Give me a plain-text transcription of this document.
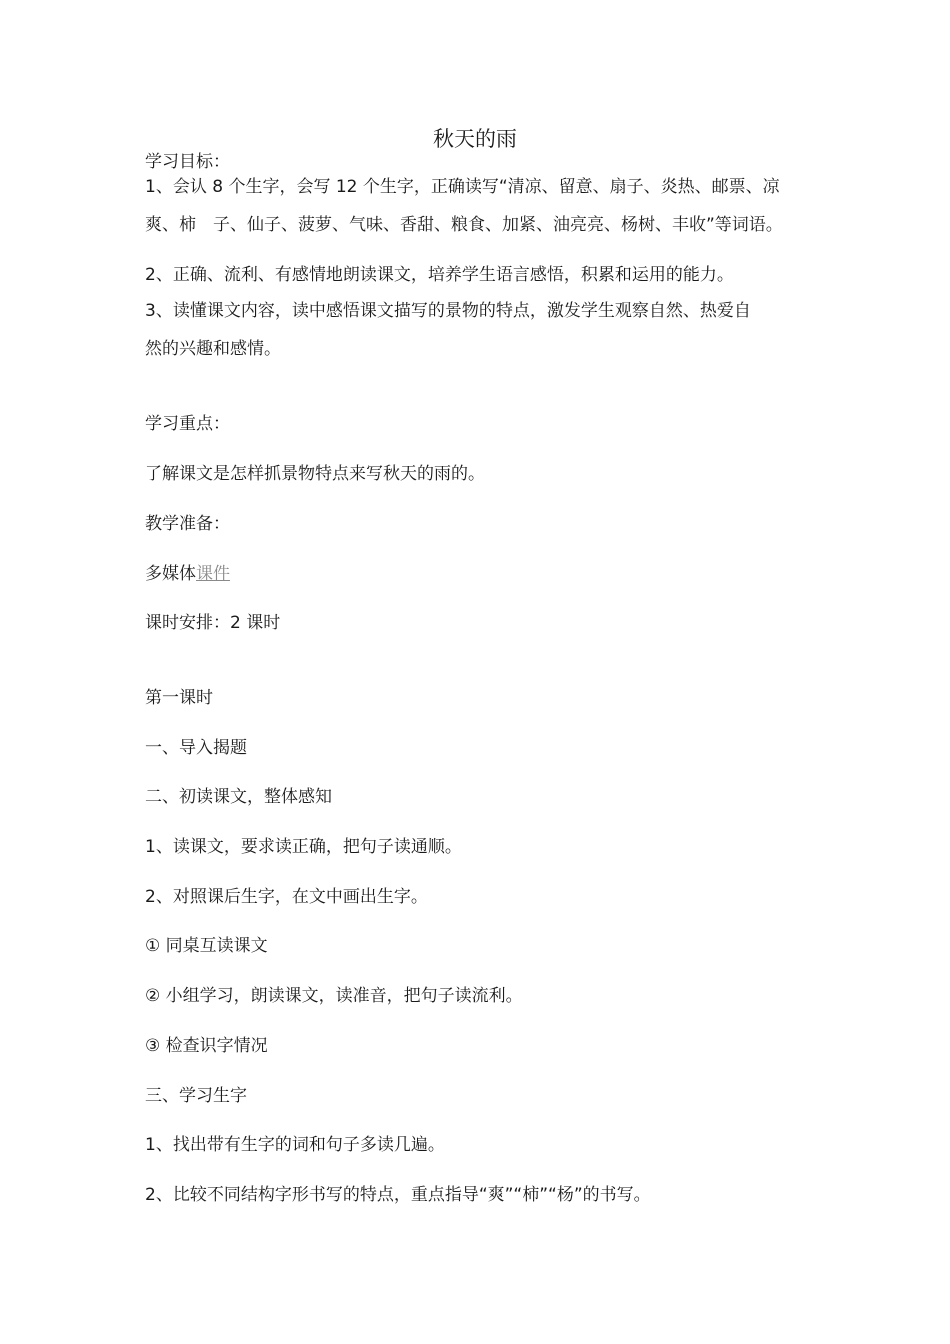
秋天的雨
学习目标：
1、会认 8 个生字，会写 12 个生字，正确读写“清凉、留意、扇子、炎热、邮票、凉
爽、柿　子、仙子、菠萝、气味、香甜、粮食、加紧、油亮亮、杨树、丰收”等词语。
2、正确、流利、有感情地朗读课文，培养学生语言感悟，积累和运用的能力。
3、读懂课文内容，读中感悟课文描写的景物的特点，激发学生观察自然、热爱自
然的兴趣和感情。
学习重点：
了解课文是怎样抓景物特点来写秋天的雨的。
教学准备：
多媒体课件
课时安排：2 课时
第一课时
一、导入揭题
二、初读课文，整体感知
1、读课文，要求读正确，把句子读通顺。
2、对照课后生字，在文中画出生字。
① 同桌互读课文
② 小组学习，朗读课文，读准音，把句子读流利。
③ 检查识字情况
三、学习生字
1、找出带有生字的词和句子多读几遍。
2、比较不同结构字形书写的特点，重点指导“爽”“柿”“杨”的书写。
